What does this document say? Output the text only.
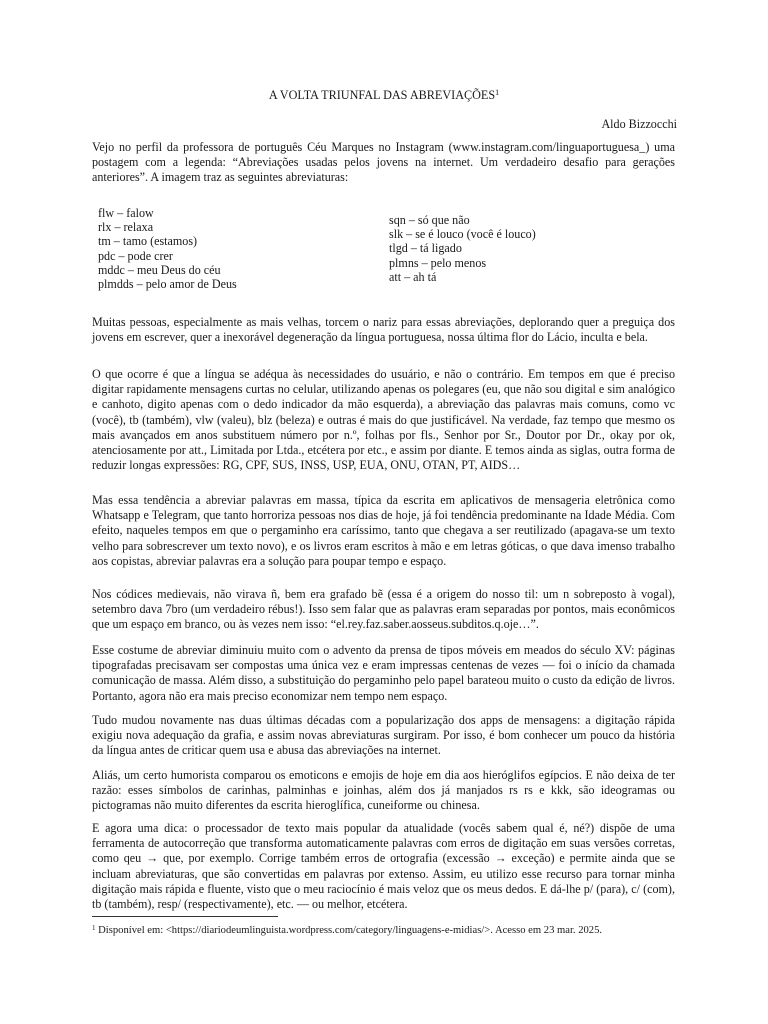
A VOLTA TRIUNFAL DAS ABREVIAÇÕES$^1$
Aldo Bizzocchi

Vejo no perfil da professora de português Céu Marques no Instagram (www.instagram.com/linguaportuguesa_) uma postagem com a legenda: “Abreviações usadas pelos jovens na internet. Um verdadeiro desafio para gerações anteriores”. A imagem traz as seguintes abreviaturas:

flw – falow
rlx – relaxa
tm – tamo (estamos)
pdc – pode crer
mddc – meu Deus do céu
plmdds – pelo amor de Deus
sqn – só que não
slk – se é louco (você é louco)
tlgd – tá ligado
plmns – pelo menos
att – ah tá

Muitas pessoas, especialmente as mais velhas, torcem o nariz para essas abreviações, deplorando quer a preguiça dos jovens em escrever, quer a inexorável degeneração da língua portuguesa, nossa última flor do Lácio, inculta e bela.

O que ocorre é que a língua se adéqua às necessidades do usuário, e não o contrário. Em tempos em que é preciso digitar rapidamente mensagens curtas no celular, utilizando apenas os polegares (eu, que não sou digital e sim analógico e canhoto, digito apenas com o dedo indicador da mão esquerda), a abreviação das palavras mais comuns, como vc (você), tb (também), vlw (valeu), blz (beleza) e outras é mais do que justificável. Na verdade, faz tempo que mesmo os mais avançados em anos substituem número por n.º, folhas por fls., Senhor por Sr., Doutor por Dr., okay por ok, atenciosamente por att., Limitada por Ltda., etcétera por etc., e assim por diante. E temos ainda as siglas, outra forma de reduzir longas expressões: RG, CPF, SUS, INSS, USP, EUA, ONU, OTAN, PT, AIDS…

Mas essa tendência a abreviar palavras em massa, típica da escrita em aplicativos de mensageria eletrônica como Whatsapp e Telegram, que tanto horroriza pessoas nos dias de hoje, já foi tendência predominante na Idade Média. Com efeito, naqueles tempos em que o pergaminho era caríssimo, tanto que chegava a ser reutilizado (apagava-se um texto velho para sobrescrever um texto novo), e os livros eram escritos à mão e em letras góticas, o que dava imenso trabalho aos copistas, abreviar palavras era a solução para poupar tempo e espaço.

Nos códices medievais, não virava ñ, bem era grafado bẽ (essa é a origem do nosso til: um n sobreposto à vogal), setembro dava 7bro (um verdadeiro rébus!). Isso sem falar que as palavras eram separadas por pontos, mais econômicos que um espaço em branco, ou às vezes nem isso: “el.rey.faz.saber.aosseus.subditos.q.oje…”.

Esse costume de abreviar diminuiu muito com o advento da prensa de tipos móveis em meados do século XV: páginas tipografadas precisavam ser compostas uma única vez e eram impressas centenas de vezes — foi o início da chamada comunicação de massa. Além disso, a substituição do pergaminho pelo papel barateou muito o custo da edição de livros. Portanto, agora não era mais preciso economizar nem tempo nem espaço.

Tudo mudou novamente nas duas últimas décadas com a popularização dos apps de mensagens: a digitação rápida exigiu nova adequação da grafia, e assim novas abreviaturas surgiram. Por isso, é bom conhecer um pouco da história da língua antes de criticar quem usa e abusa das abreviações na internet.

Aliás, um certo humorista comparou os emoticons e emojis de hoje em dia aos hieróglifos egípcios. E não deixa de ter razão: esses símbolos de carinhas, palminhas e joinhas, além dos já manjados rs rs e kkk, são ideogramas ou pictogramas não muito diferentes da escrita hieroglífica, cuneiforme ou chinesa.

E agora uma dica: o processador de texto mais popular da atualidade (vocês sabem qual é, né?) dispõe de uma ferramenta de autocorreção que transforma automaticamente palavras com erros de digitação em suas versões corretas, como qeu → que, por exemplo. Corrige também erros de ortografia (excessão → exceção) e permite ainda que se incluam abreviaturas, que são convertidas em palavras por extenso. Assim, eu utilizo esse recurso para tornar minha digitação mais rápida e fluente, visto que o meu raciocínio é mais veloz que os meus dedos. E dá-lhe p/ (para), c/ (com), tb (também), resp/ (respectivamente), etc. — ou melhor, etcétera.

$^1$ Disponível em: <https://diariodeumlinguista.wordpress.com/category/linguagens-e-midias/>. Acesso em 23 mar. 2025.
